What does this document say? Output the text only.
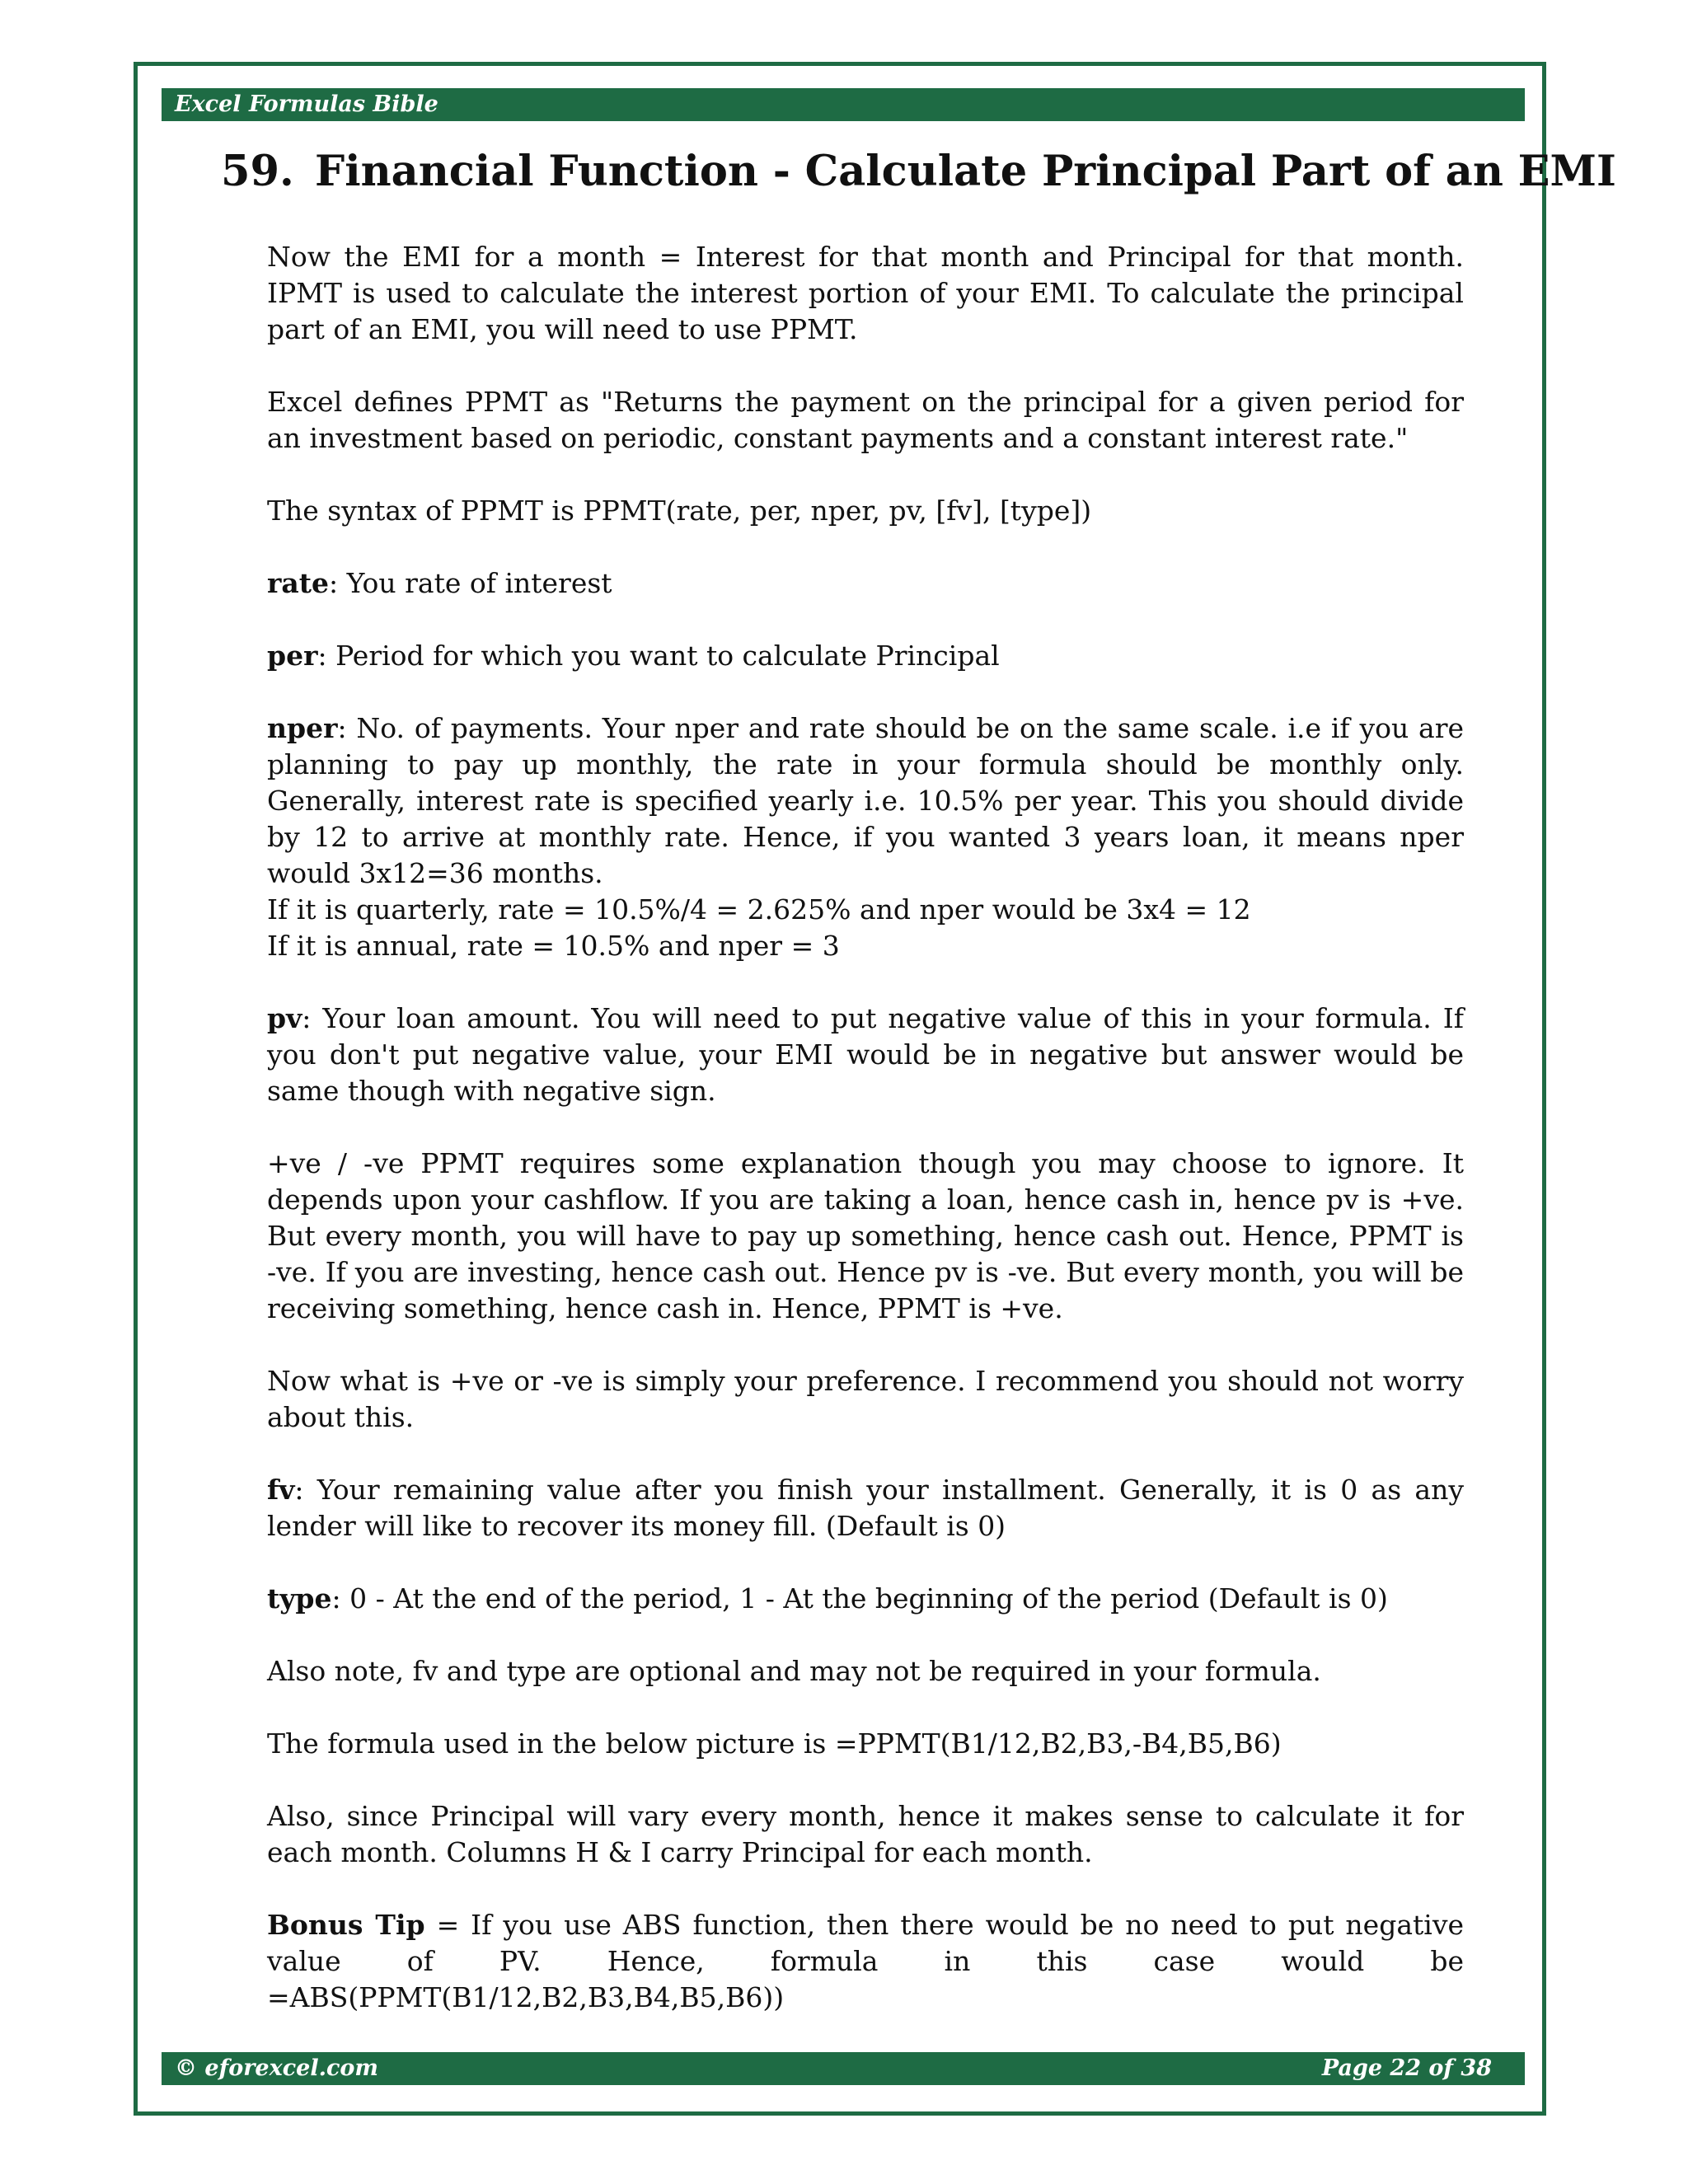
Excel Formulas Bible
59. Financial Function - Calculate Principal Part of an EMI

Now the EMI for a month = Interest for that month and Principal for that month. IPMT is used to calculate the interest portion of your EMI. To calculate the principal part of an EMI, you will need to use PPMT.

Excel defines PPMT as "Returns the payment on the principal for a given period for an investment based on periodic, constant payments and a constant interest rate."

The syntax of PPMT is PPMT(rate, per, nper, pv, [fv], [type])

rate: You rate of interest

per: Period for which you want to calculate Principal

nper: No. of payments. Your nper and rate should be on the same scale. i.e if you are planning to pay up monthly, the rate in your formula should be monthly only. Generally, interest rate is specified yearly i.e. 10.5% per year. This you should divide by 12 to arrive at monthly rate. Hence, if you wanted 3 years loan, it means nper would 3x12=36 months.
If it is quarterly, rate = 10.5%/4 = 2.625% and nper would be 3x4 = 12
If it is annual, rate = 10.5% and nper = 3

pv: Your loan amount. You will need to put negative value of this in your formula. If you don't put negative value, your EMI would be in negative but answer would be same though with negative sign.

+ve / -ve PPMT requires some explanation though you may choose to ignore. It depends upon your cashflow. If you are taking a loan, hence cash in, hence pv is +ve. But every month, you will have to pay up something, hence cash out. Hence, PPMT is -ve. If you are investing, hence cash out. Hence pv is -ve. But every month, you will be receiving something, hence cash in. Hence, PPMT is +ve.

Now what is +ve or -ve is simply your preference. I recommend you should not worry about this.

fv: Your remaining value after you finish your installment. Generally, it is 0 as any lender will like to recover its money fill. (Default is 0)

type: 0 - At the end of the period, 1 - At the beginning of the period (Default is 0)

Also note, fv and type are optional and may not be required in your formula.

The formula used in the below picture is =PPMT(B1/12,B2,B3,-B4,B5,B6)

Also, since Principal will vary every month, hence it makes sense to calculate it for each month. Columns H & I carry Principal for each month.

Bonus Tip = If you use ABS function, then there would be no need to put negative value of PV. Hence, formula in this case would be =ABS(PPMT(B1/12,B2,B3,B4,B5,B6))

© eforexcel.com	Page 22 of 38
